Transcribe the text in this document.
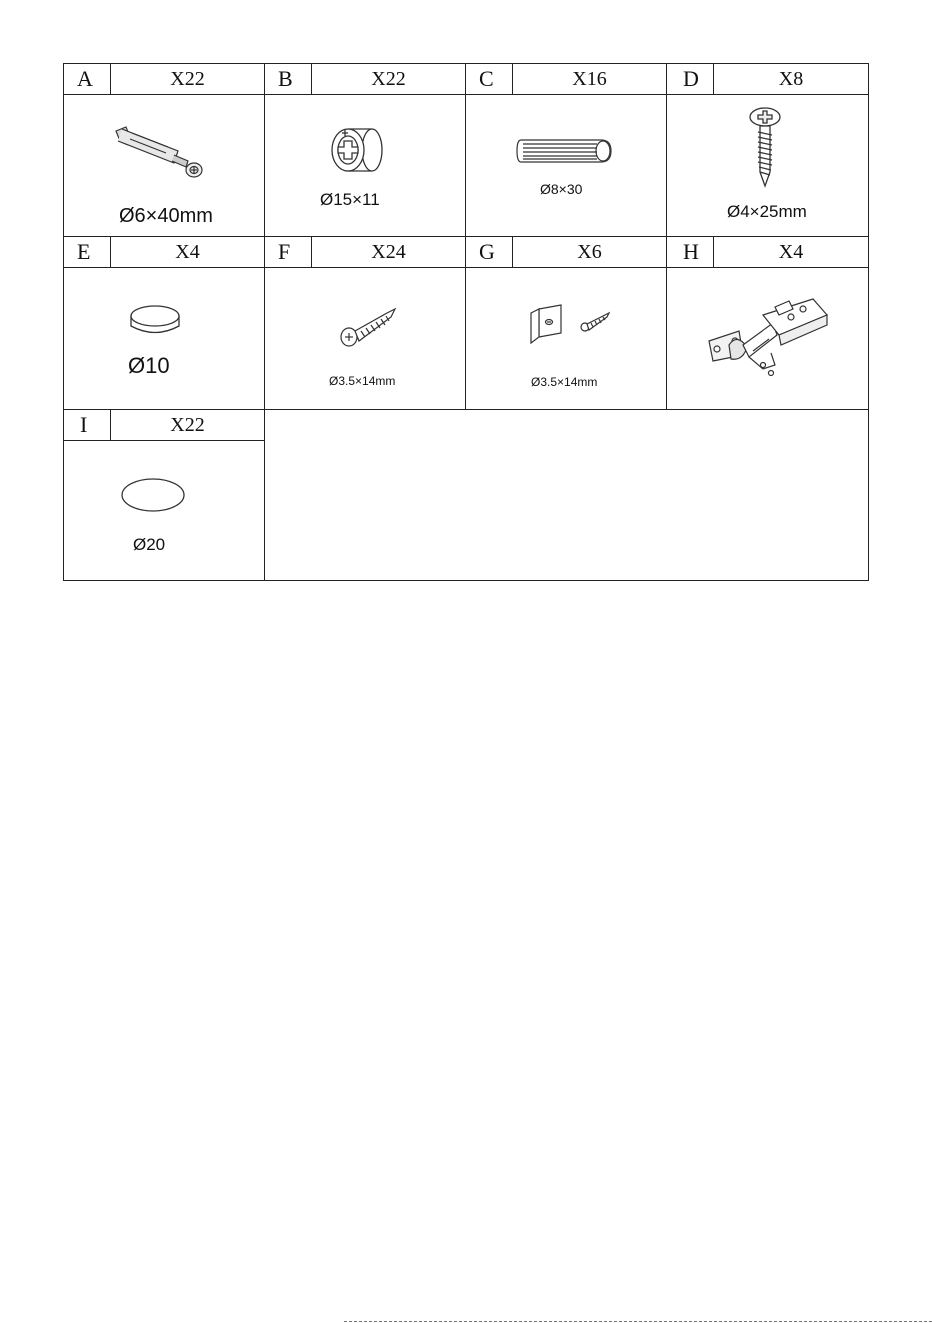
A	X22
Ø6×40mm
B	X22
Ø15×11
C	X16
Ø8×30
D	X8
Ø4×25mm
E	X4
Ø10
F	X24
Ø3.5×14mm
G	X6
Ø3.5×14mm
H	X4
I	X22
Ø20
